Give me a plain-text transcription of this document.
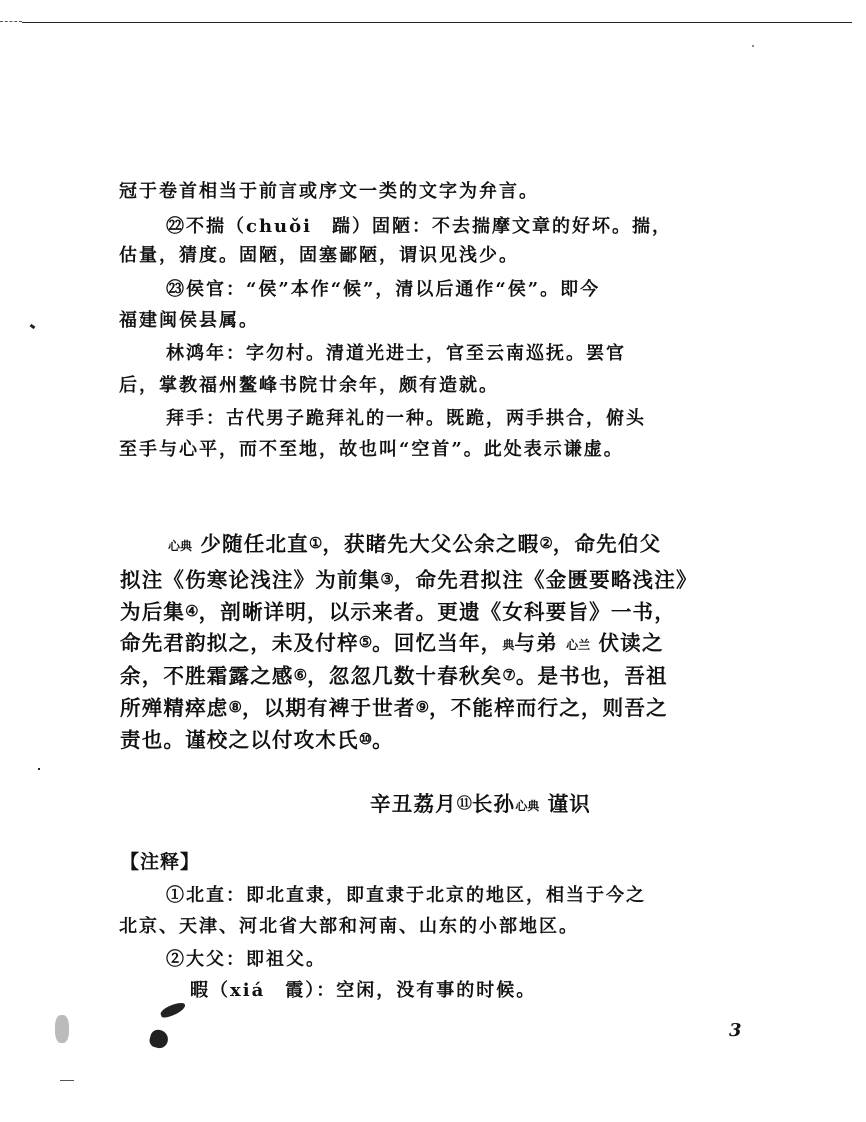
冠于卷首相当于前言或序文一类的文字为弁言。
㉒不揣（chuǒi　踹）固陋：不去揣摩文章的好坏。揣，
估量，猜度。固陋，固塞鄙陋，谓识见浅少。
㉓侯官：“侯”本作“候”，清以后通作“侯”。即今
福建闽侯县属。
林鸿年：字勿村。清道光进士，官至云南巡抚。罢官
后，掌教福州鳌峰书院廿余年，颇有造就。
拜手：古代男子跪拜礼的一种。既跪，两手拱合，俯头
至手与心平，而不至地，故也叫“空首”。此处表示谦虚。
心典 少随任北直①，获睹先大父公余之暇②，命先伯父
拟注《伤寒论浅注》为前集③，命先君拟注《金匮要略浅注》
为后集④，剖晰详明，以示来者。更遗《女科要旨》一书，
命先君韵拟之，未及付梓⑤。回忆当年，典与弟 心兰 伏读之
余，不胜霜露之感⑥，忽忽几数十春秋矣⑦。是书也，吾祖
所殚精瘁虑⑧，以期有裨于世者⑨，不能梓而行之，则吾之
责也。谨校之以付攻木氏⑩。
辛丑荔月⑪长孙心典 谨识
【注释】
①北直：即北直隶，即直隶于北京的地区，相当于今之
北京、天津、河北省大部和河南、山东的小部地区。
②大父：即祖父。
暇（xiá　霞）：空闲，没有事的时候。
3
